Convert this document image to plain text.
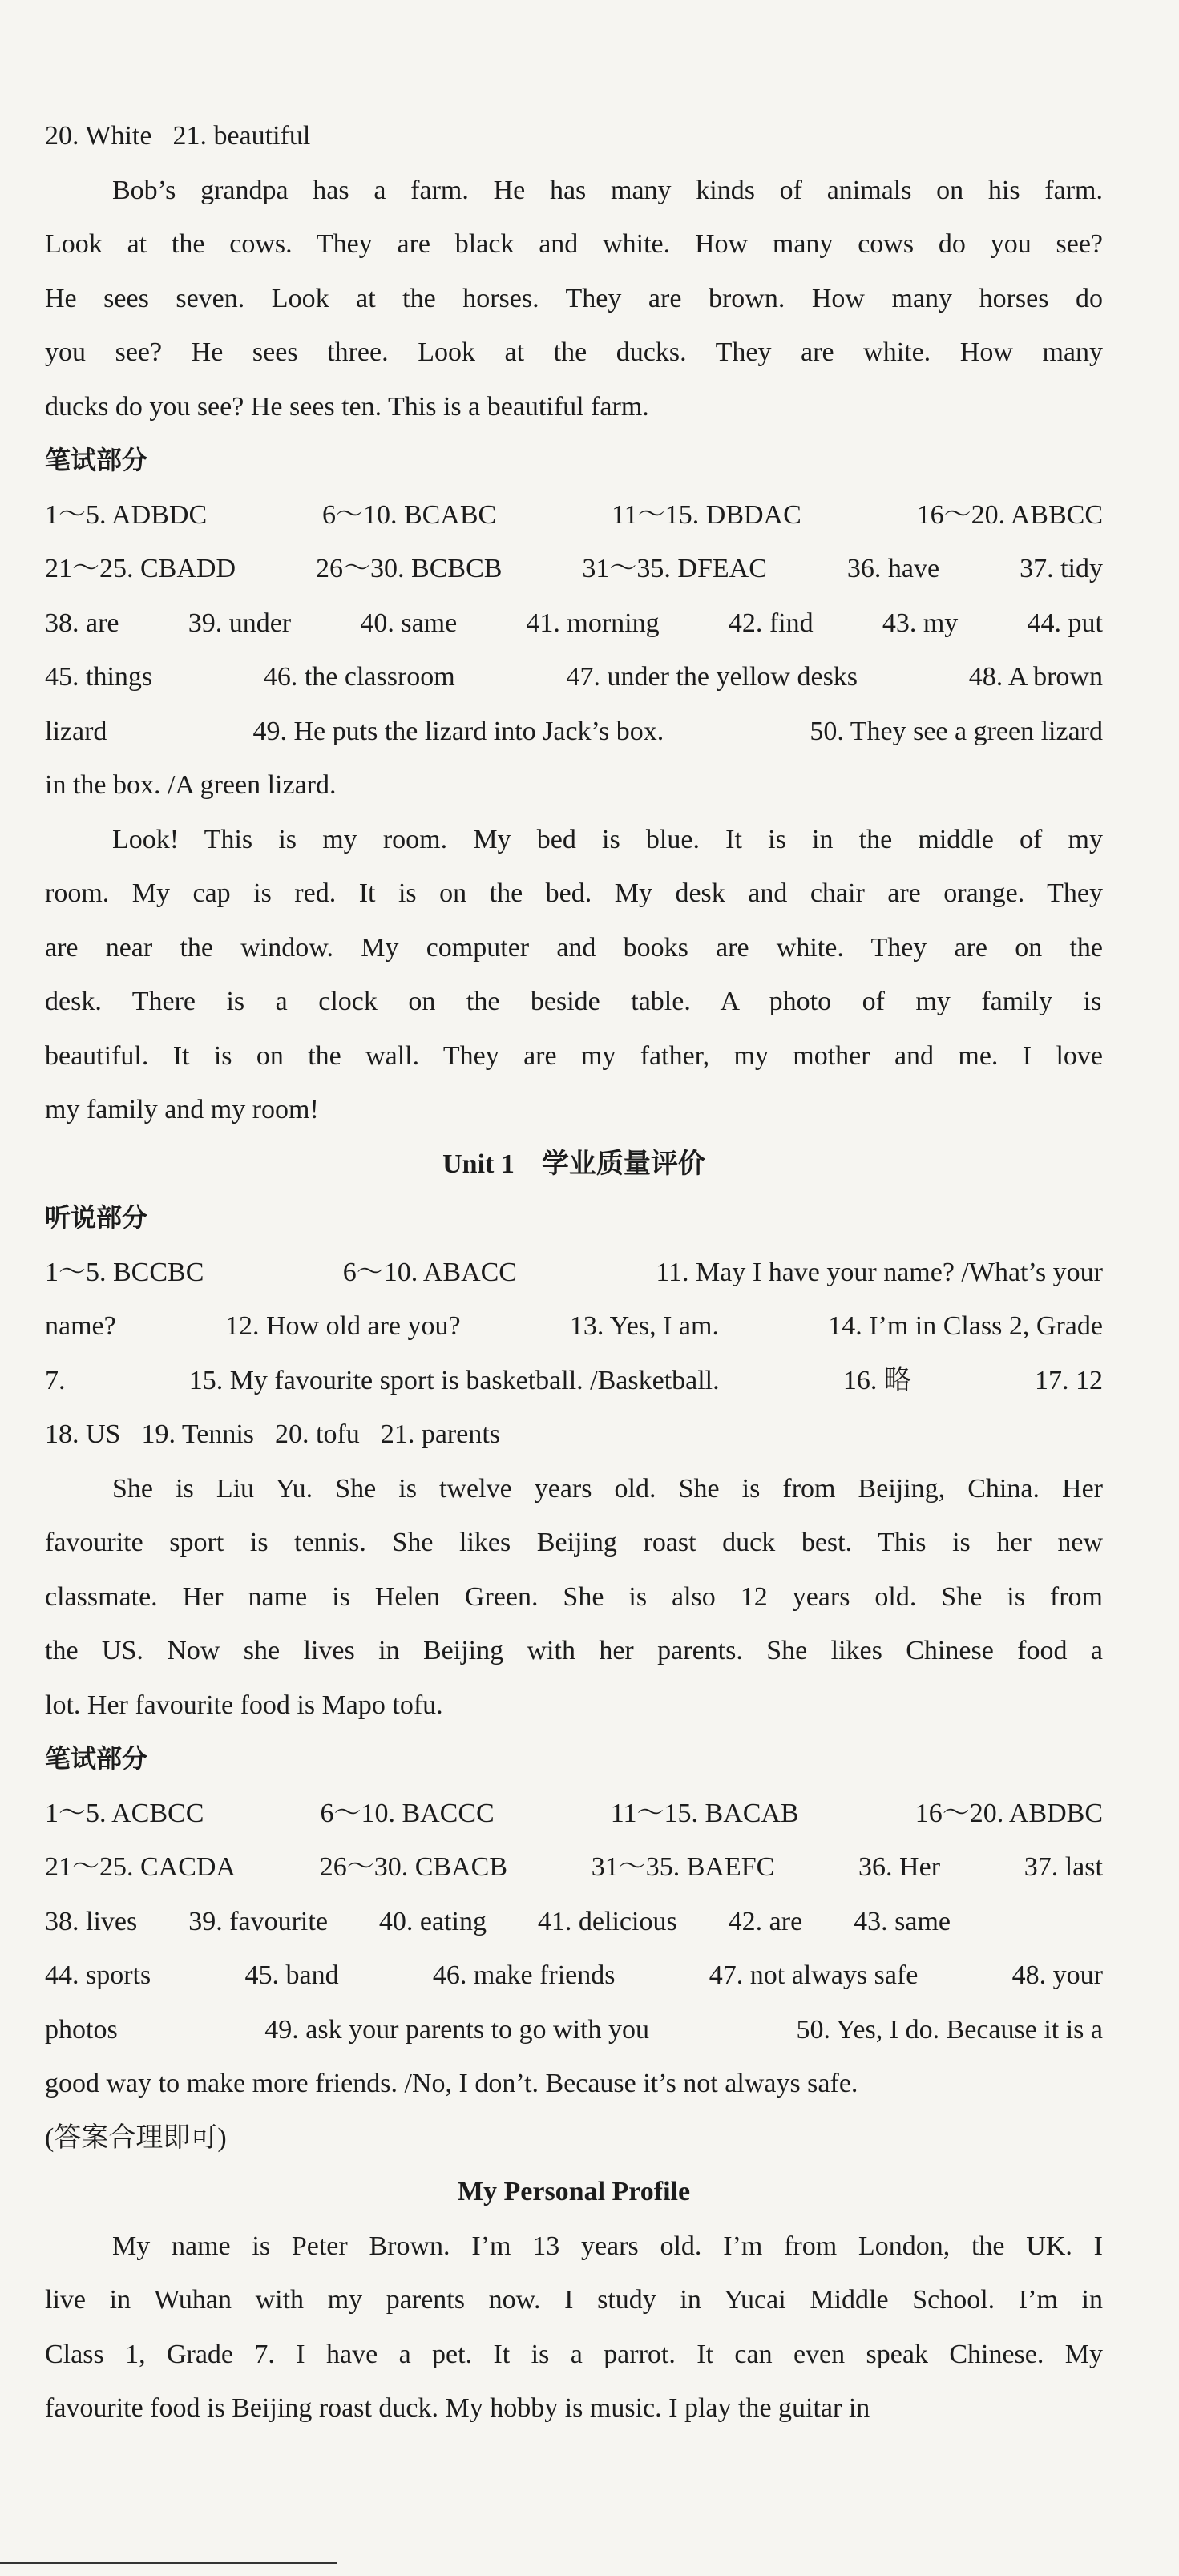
20. White 21. beautiful
Bob’s grandpa has a farm. He has many kinds of animals on his farm.
Look at the cows. They are black and white. How many cows do you see?
He sees seven. Look at the horses. They are brown. How many horses do
you see? He sees three. Look at the ducks. They are white. How many
ducks do you see? He sees ten. This is a beautiful farm.
笔试部分
1～5. ADBDC	6～10. BCABC	11～15. DBDAC	16～20. ABBCC
21～25. CBADD	26～30. BCBCB	31～35. DFEAC	36. have	37. tidy
38. are	39. under	40. same	41. morning	42. find	43. my	44. put
45. things	46. the classroom	47. under the yellow desks	48. A brown
lizard	49. He puts the lizard into Jack’s box.	50. They see a green lizard
in the box. /A green lizard.
Look! This is my room. My bed is blue. It is in the middle of my
room. My cap is red. It is on the bed. My desk and chair are orange. They
are near the window. My computer and books are white. They are on the
desk. There is a clock on the beside table. A photo of my family is
beautiful. It is on the wall. They are my father, my mother and me. I love
my family and my room!
Unit 1　学业质量评价
听说部分
1～5. BCCBC	6～10. ABACC	11. May I have your name? /What’s your
name?	12. How old are you?	13. Yes, I am.	14. I’m in Class 2, Grade
7.	15. My favourite sport is basketball. /Basketball.	16. 略	17. 12
18. US 19. Tennis 20. tofu 21. parents
She is Liu Yu. She is twelve years old. She is from Beijing, China. Her
favourite sport is tennis. She likes Beijing roast duck best. This is her new
classmate. Her name is Helen Green. She is also 12 years old. She is from
the US. Now she lives in Beijing with her parents. She likes Chinese food a
lot. Her favourite food is Mapo tofu.
笔试部分
1～5. ACBCC	6～10. BACCC	11～15. BACAB	16～20. ABDBC
21～25. CACDA	26～30. CBACB	31～35. BAEFC	36. Her	37. last
38. lives 39. favourite 40. eating 41. delicious 42. are 43. same
44. sports	45. band	46. make friends	47. not always safe	48. your
photos	49. ask your parents to go with you	50. Yes, I do. Because it is a
good way to make more friends. /No, I don’t. Because it’s not always safe.
(答案合理即可)
My Personal Profile
My name is Peter Brown. I’m 13 years old. I’m from London, the UK. I
live in Wuhan with my parents now. I study in Yucai Middle School. I’m in
Class 1, Grade 7. I have a pet. It is a parrot. It can even speak Chinese. My
favourite food is Beijing roast duck. My hobby is music. I play the guitar in
